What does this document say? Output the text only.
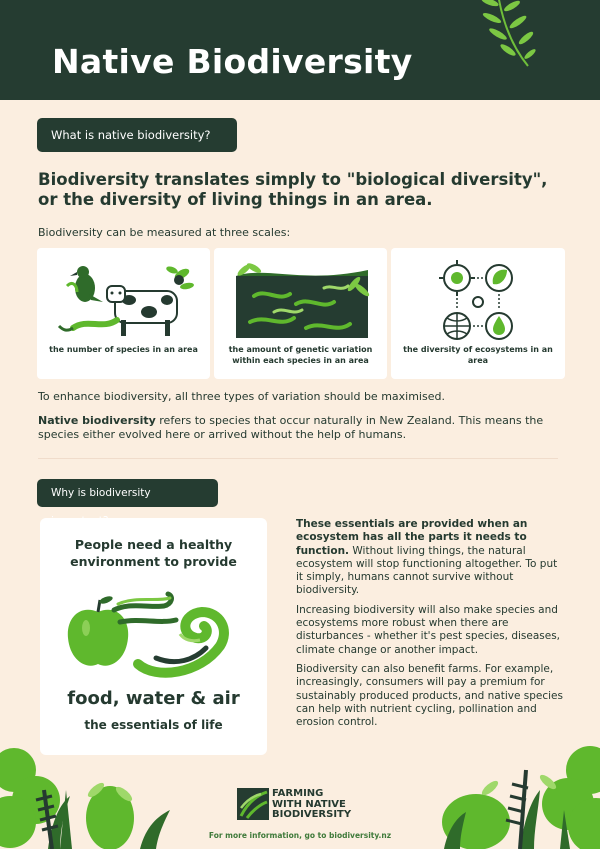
Native Biodiversity
What is native biodiversity?
Biodiversity translates simply to "biological diversity", or the diversity of living things in an area.
Biodiversity can be measured at three scales:
the number of species in an area	the amount of genetic variation within each species in an area
the diversity of ecosystems in an area
To enhance biodiversity, all three types of variation should be maximised.
Native biodiversity refers to species that occur naturally in New Zealand. This means the species either evolved here or arrived without the help of humans.
Why is biodiversity
People need a healthy environment to provide
food, water & air
the essentials of life

These essentials are provided when an ecosystem has all the parts it needs to function. Without living things, the natural ecosystem will stop functioning altogether. To put it simply, humans cannot survive without biodiversity.

Increasing biodiversity will also make species and ecosystems more robust when there are disturbances - whether it's pest species, diseases, climate change or another impact.

Biodiversity can also benefit farms. For example, increasingly, consumers will pay a premium for sustainably produced products, and native species can help with nutrient cycling, pollination and erosion control.

FARMING
WITH NATIVE
BIODIVERSITY
For more information, go to biodiversity.nz
